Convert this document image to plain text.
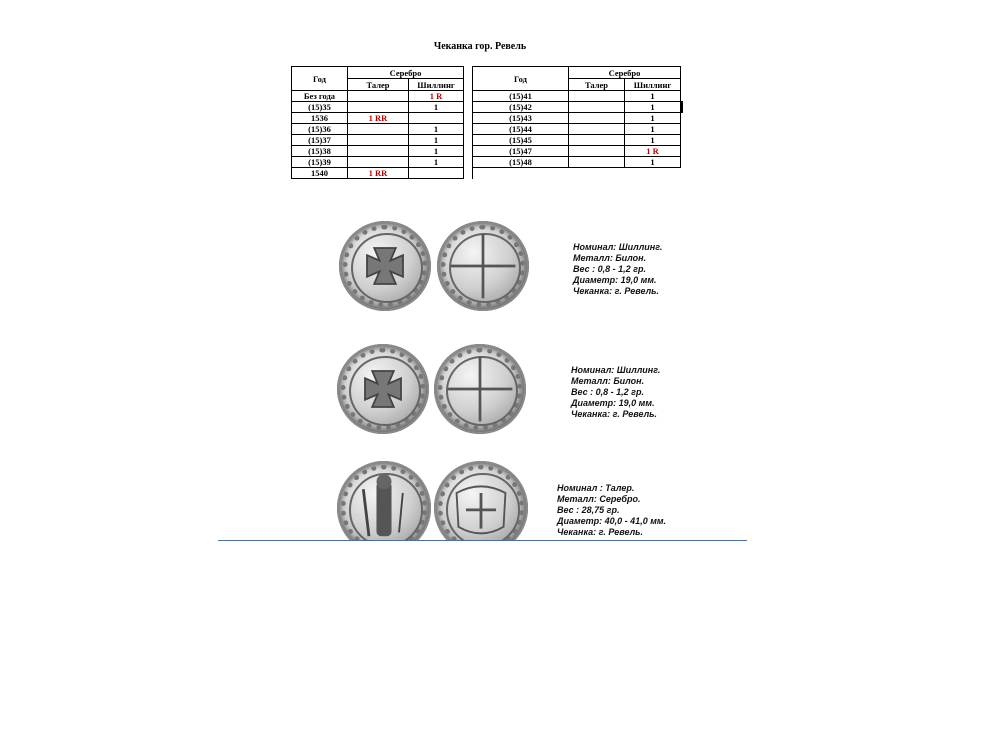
Чеканка гор. Ревель
Год	Серебро			Год	Серебро	
	Талер	Шиллинг			Талер	Шиллинг
Без года		1 R		(15)41		1
(15)35		1		(15)42		1
1536	1 RR			(15)43		1
(15)36		1		(15)44		1
(15)37		1		(15)45		1
(15)38		1		(15)47		1 R
(15)39		1		(15)48		1
1540	1 RR					
Номинал: Шиллинг.
Металл: Билон.
Вес : 0,8 - 1,2 гр.
Диаметр: 19,0 мм.
Чеканка: г. Ревель.
Номинал: Шиллинг.
Металл: Билон.
Вес : 0,8 - 1,2 гр.
Диаметр: 19,0 мм.
Чеканка: г. Ревель.
Номинал : Талер.
Металл: Серебро.
Вес : 28,75 гр.
Диаметр: 40,0 - 41,0 мм.
Чеканка: г. Ревель.
